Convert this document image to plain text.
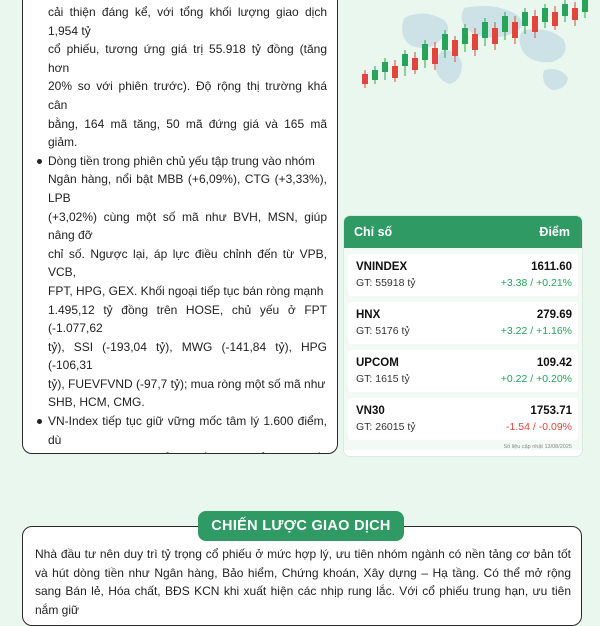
cải thiện đáng kể, với tổng khối lượng giao dịch 1,954 tỷ
cổ phiếu, tương ứng giá trị 55.918 tỷ đồng (tăng hơn
20% so với phiên trước). Độ rộng thị trường khá cân
bằng, 164 mã tăng, 50 mã đứng giá và 165 mã giảm.
Dòng tiền trong phiên chủ yếu tập trung vào nhóm
Ngân hàng, nổi bật MBB (+6,09%), CTG (+3,33%), LPB
(+3,02%) cùng một số mã như BVH, MSN, giúp nâng đỡ
chỉ số. Ngược lại, áp lực điều chỉnh đến từ VPB, VCB,
FPT, HPG, GEX. Khối ngoại tiếp tục bán ròng mạnh
1.495,12 tỷ đồng trên HOSE, chủ yếu ở FPT (-1.077,62
tỷ), SSI (-193,04 tỷ), MWG (-141,84 tỷ), HPG (-106,31
tỷ), FUEVFVND (-97,7 tỷ); mua ròng một số mã như
SHB, HCM, CMG.
VN-Index tiếp tục giữ vững mốc tâm lý 1.600 điểm, dù
Chỉ số	Điểm
VNINDEX
GT: 55918 tỷ
1611.60
+3.38 / +0.21%
HNX
GT: 5176 tỷ
279.69
+3.22 / +1.16%
UPCOM
GT: 1615 tỷ
109.42
+0.22 / +0.20%
VN30
GT: 26015 tỷ
1753.71
-1.54 / -0.09%
Số liệu cập nhật 13/08/2025
CHIẾN LƯỢC GIAO DỊCH

Nhà đầu tư nên duy trì tỷ trọng cổ phiếu ở mức hợp lý, ưu tiên nhóm ngành có nền tảng cơ bản tốt và hút dòng tiền như Ngân hàng, Bảo hiểm, Chứng khoán, Xây dựng – Hạ tầng. Có thể mở rộng sang Bán lẻ, Hóa chất, BĐS KCN khi xuất hiện các nhịp rung lắc. Với cổ phiếu trung hạn, ưu tiên nắm giữ
